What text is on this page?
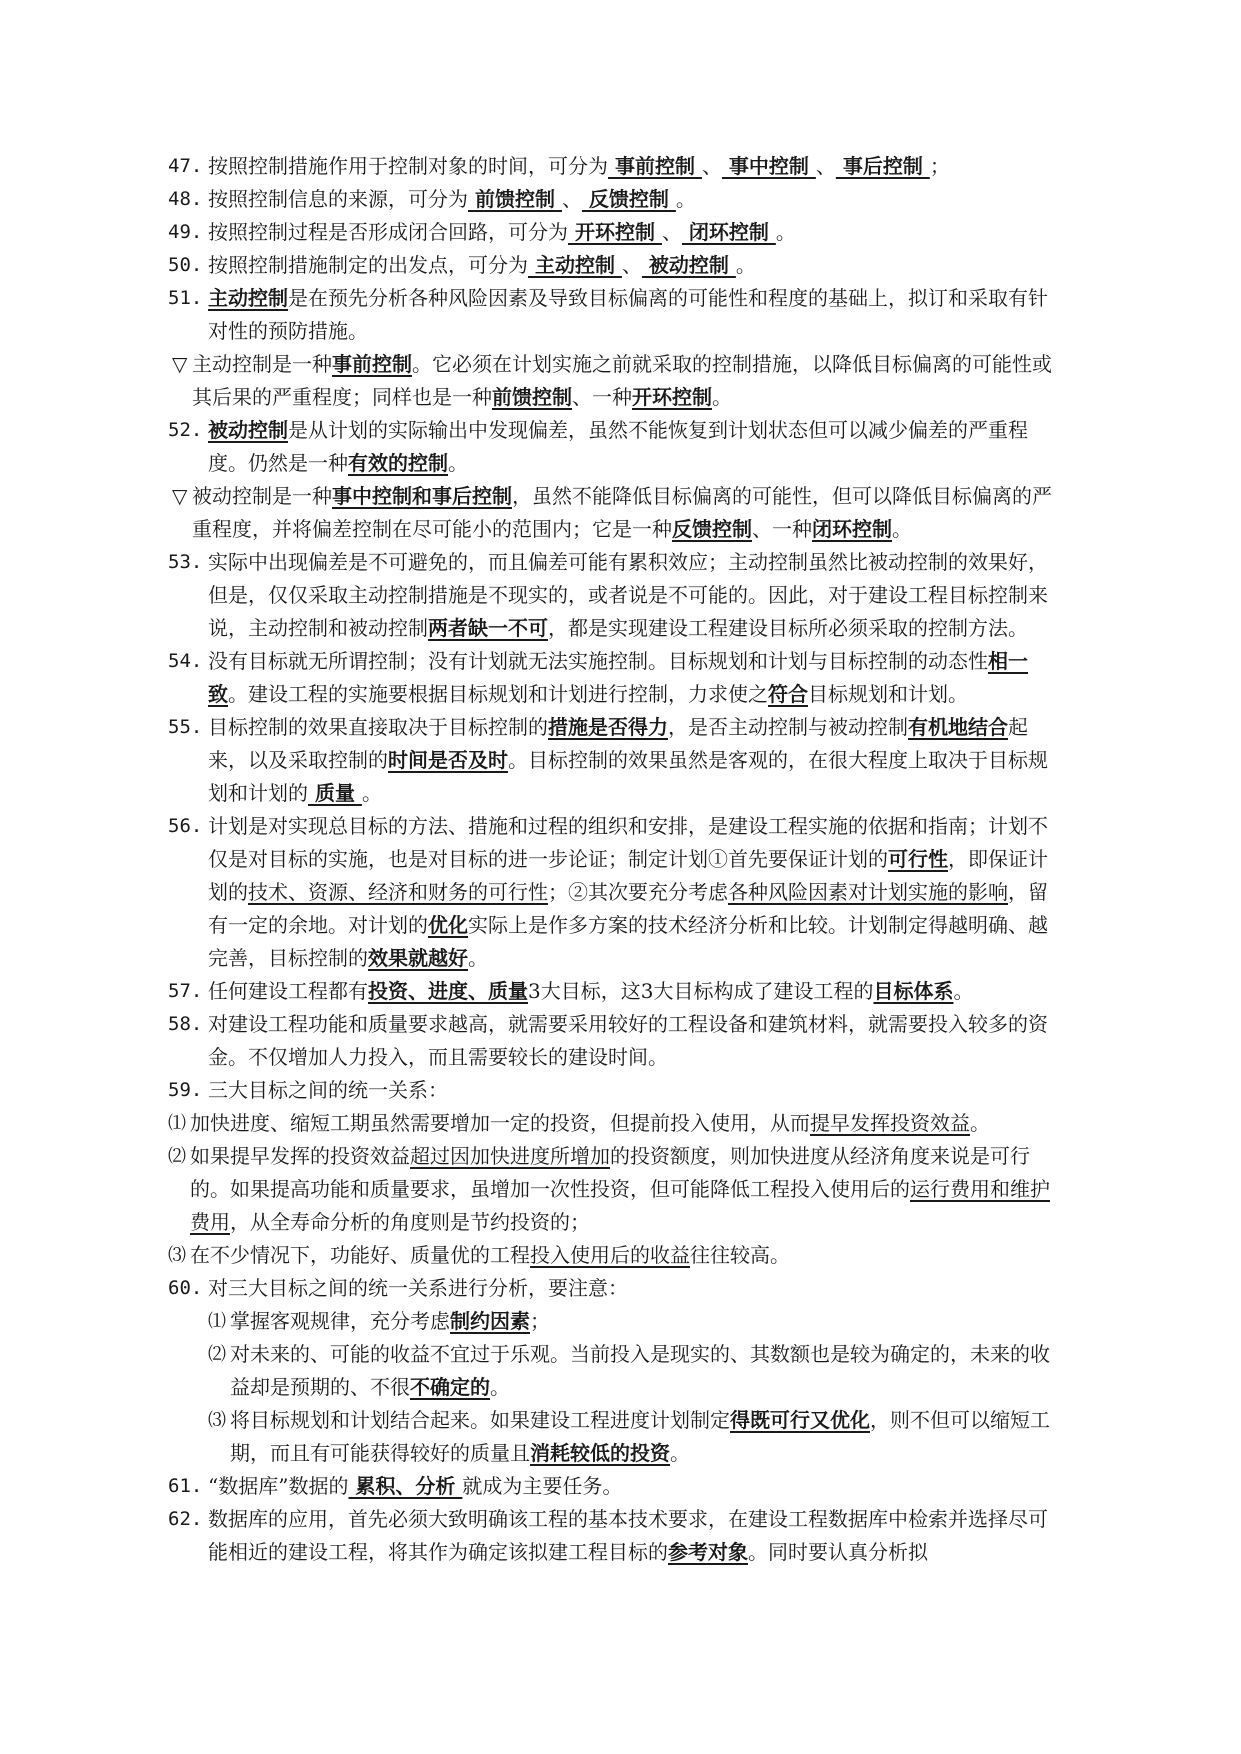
47. 按照控制措施作用于控制对象的时间，可分为 事前控制 、 事中控制 、 事后控制 ；
48. 按照控制信息的来源，可分为 前馈控制 、 反馈控制 。
49. 按照控制过程是否形成闭合回路，可分为 开环控制 、 闭环控制 。
50. 按照控制措施制定的出发点，可分为 主动控制 、 被动控制 。
51. 主动控制是在预先分析各种风险因素及导致目标偏离的可能性和程度的基础上，拟订和采取有针对性的预防措施。
▽ 主动控制是一种事前控制。它必须在计划实施之前就采取的控制措施，以降低目标偏离的可能性或其后果的严重程度；同样也是一种前馈控制、一种开环控制。
52. 被动控制是从计划的实际输出中发现偏差，虽然不能恢复到计划状态但可以减少偏差的严重程度。仍然是一种有效的控制。
▽ 被动控制是一种事中控制和事后控制，虽然不能降低目标偏离的可能性，但可以降低目标偏离的严重程度，并将偏差控制在尽可能小的范围内；它是一种反馈控制、一种闭环控制。
53. 实际中出现偏差是不可避免的，而且偏差可能有累积效应；主动控制虽然比被动控制的效果好，但是，仅仅采取主动控制措施是不现实的，或者说是不可能的。因此，对于建设工程目标控制来说，主动控制和被动控制两者缺一不可，都是实现建设工程建设目标所必须采取的控制方法。
54. 没有目标就无所谓控制；没有计划就无法实施控制。目标规划和计划与目标控制的动态性相一致。建设工程的实施要根据目标规划和计划进行控制，力求使之符合目标规划和计划。
55. 目标控制的效果直接取决于目标控制的措施是否得力，是否主动控制与被动控制有机地结合起来，以及采取控制的时间是否及时。目标控制的效果虽然是客观的，在很大程度上取决于目标规划和计划的 质量 。
56. 计划是对实现总目标的方法、措施和过程的组织和安排，是建设工程实施的依据和指南；计划不仅是对目标的实施，也是对目标的进一步论证；制定计划①首先要保证计划的可行性，即保证计划的技术、资源、经济和财务的可行性；②其次要充分考虑各种风险因素对计划实施的影响，留有一定的余地。对计划的优化实际上是作多方案的技术经济分析和比较。计划制定得越明确、越完善，目标控制的效果就越好。
57. 任何建设工程都有投资、进度、质量3大目标，这3大目标构成了建设工程的目标体系。
58. 对建设工程功能和质量要求越高，就需要采用较好的工程设备和建筑材料，就需要投入较多的资金。不仅增加人力投入，而且需要较长的建设时间。
59. 三大目标之间的统一关系：
⑴ 加快进度、缩短工期虽然需要增加一定的投资，但提前投入使用，从而提早发挥投资效益。
⑵ 如果提早发挥的投资效益超过因加快进度所增加的投资额度，则加快进度从经济角度来说是可行的。如果提高功能和质量要求，虽增加一次性投资，但可能降低工程投入使用后的运行费用和维护费用，从全寿命分析的角度则是节约投资的；
⑶ 在不少情况下，功能好、质量优的工程投入使用后的收益往往较高。
60. 对三大目标之间的统一关系进行分析，要注意：
⑴ 掌握客观规律，充分考虑制约因素；
⑵ 对未来的、可能的收益不宜过于乐观。当前投入是现实的、其数额也是较为确定的，未来的收益却是预期的、不很不确定的。
⑶ 将目标规划和计划结合起来。如果建设工程进度计划制定得既可行又优化，则不但可以缩短工期，而且有可能获得较好的质量且消耗较低的投资。
61. “数据库”数据的 累积、分析 就成为主要任务。
62. 数据库的应用，首先必须大致明确该工程的基本技术要求，在建设工程数据库中检索并选择尽可能相近的建设工程，将其作为确定该拟建工程目标的参考对象。同时要认真分析拟
